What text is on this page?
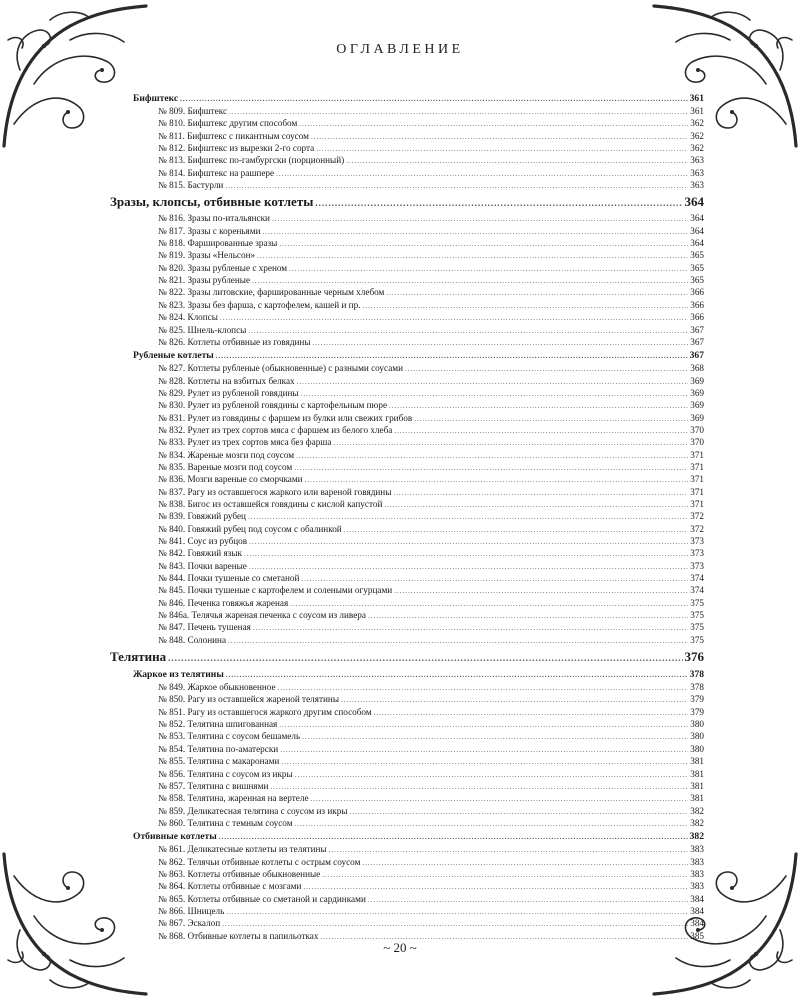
ОГЛАВЛЕНИЕ
Бифштекс .....	361
№ 809. Бифштекс .....	361
№ 810. Бифштекс другим способом .....	362
№ 811. Бифштекс с пикантным соусом .....	362
№ 812. Бифштекс из вырезки 2-го сорта .....	362
№ 813. Бифштекс по-гамбургски (порционный) .....	363
№ 814. Бифштекс на рашпере .....	363
№ 815. Бастурли .....	363
Зразы, клопсы, отбивные котлеты .....	364
№ 816. Зразы по-итальянски .....	364
№ 817. Зразы с кореньями .....	364
№ 818. Фаршированные зразы .....	364
№ 819. Зразы «Нельсон» .....	365
№ 820. Зразы рубленые с хреном .....	365
№ 821. Зразы рубленые .....	365
№ 822. Зразы литовские, фаршированные черным хлебом .....	366
№ 823. Зразы без фарша, с картофелем, кашей и пр. .....	366
№ 824. Клопсы .....	366
№ 825. Шнель-клопсы .....	367
№ 826. Котлеты отбивные из говядины .....	367
Рубленые котлеты .....	367
№ 827. Котлеты рубленые (обыкновенные) с разными соусами .....	368
№ 828. Котлеты на взбитых белках .....	369
№ 829. Рулет из рубленой говядины .....	369
№ 830. Рулет из рубленой говядины с картофельным пюре .....	369
№ 831. Рулет из говядины с фаршем из булки или свежих грибов .....	369
№ 832. Рулет из трех сортов мяса с фаршем из белого хлеба .....	370
№ 833. Рулет из трех сортов мяса без фарша .....	370
№ 834. Жареные мозги под соусом .....	371
№ 835. Вареные мозги под соусом .....	371
№ 836. Мозги вареные со сморчками .....	371
№ 837. Рагу из оставшегося жаркого или вареной говядины .....	371
№ 838. Бигос из оставшейся говядины с кислой капустой .....	371
№ 839. Говяжий рубец .....	372
№ 840. Говяжий рубец под соусом с обалинкой .....	372
№ 841. Соус из рубцов .....	373
№ 842. Говяжий язык .....	373
№ 843. Почки вареные .....	373
№ 844. Почки тушеные со сметаной .....	374
№ 845. Почки тушеные с картофелем и солеными огурцами .....	374
№ 846. Печенка говяжья жареная .....	375
№ 846а. Телячья жареная печенка с соусом из ливера .....	375
№ 847. Печень тушеная .....	375
№ 848. Солонина .....	375
Телятина .....	376
Жаркое из телятины .....	378
№ 849. Жаркое обыкновенное .....	378
№ 850. Рагу из оставшейся жареной телятины .....	379
№ 851. Рагу из оставшегося жаркого другим способом .....	379
№ 852. Телятина шпигованная .....	380
№ 853. Телятина с соусом бешамель .....	380
№ 854. Телятина по-аматерски .....	380
№ 855. Телятина с макаронами .....	381
№ 856. Телятина с соусом из икры .....	381
№ 857. Телятина с вишнями .....	381
№ 858. Телятина, жаренная на вертеле .....	381
№ 859. Деликатесная телятина с соусом из икры .....	382
№ 860. Телятина с темным соусом .....	382
Отбивные котлеты .....	382
№ 861. Деликатесные котлеты из телятины .....	383
№ 862. Телячьи отбивные котлеты с острым соусом .....	383
№ 863. Котлеты отбивные обыкновенные .....	383
№ 864. Котлеты отбивные с мозгами .....	383
№ 865. Котлеты отбивные со сметаной и сардинками .....	384
№ 866. Шницель .....	384
№ 867. Эскалоп .....	384
№ 868. Отбивные котлеты в папильотках .....	385
~ 20 ~
